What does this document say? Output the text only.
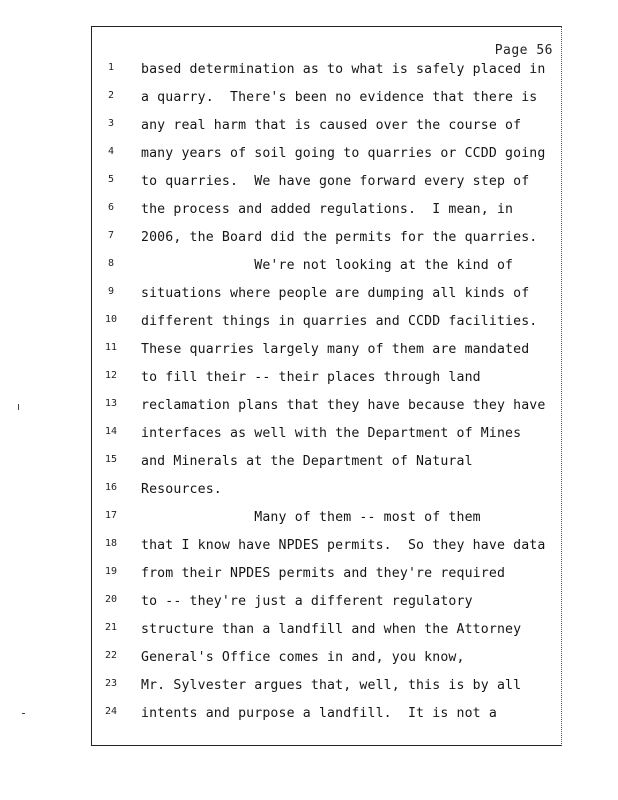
Page 56
1
2
3
4
5
6
7
8
9
10
11
12
13
14
15
16
17
18
19
20
21
22
23
24
based determination as to what is safely placed in
a quarry.  There's been no evidence that there is
any real harm that is caused over the course of
many years of soil going to quarries or CCDD going
to quarries.  We have gone forward every step of
the process and added regulations.  I mean, in
2006, the Board did the permits for the quarries.
We're not looking at the kind of
situations where people are dumping all kinds of
different things in quarries and CCDD facilities.
These quarries largely many of them are mandated
to fill their -- their places through land
reclamation plans that they have because they have
interfaces as well with the Department of Mines
and Minerals at the Department of Natural
Resources.
Many of them -- most of them
that I know have NPDES permits.  So they have data
from their NPDES permits and they're required
to -- they're just a different regulatory
structure than a landfill and when the Attorney
General's Office comes in and, you know,
Mr. Sylvester argues that, well, this is by all
intents and purpose a landfill.  It is not a
